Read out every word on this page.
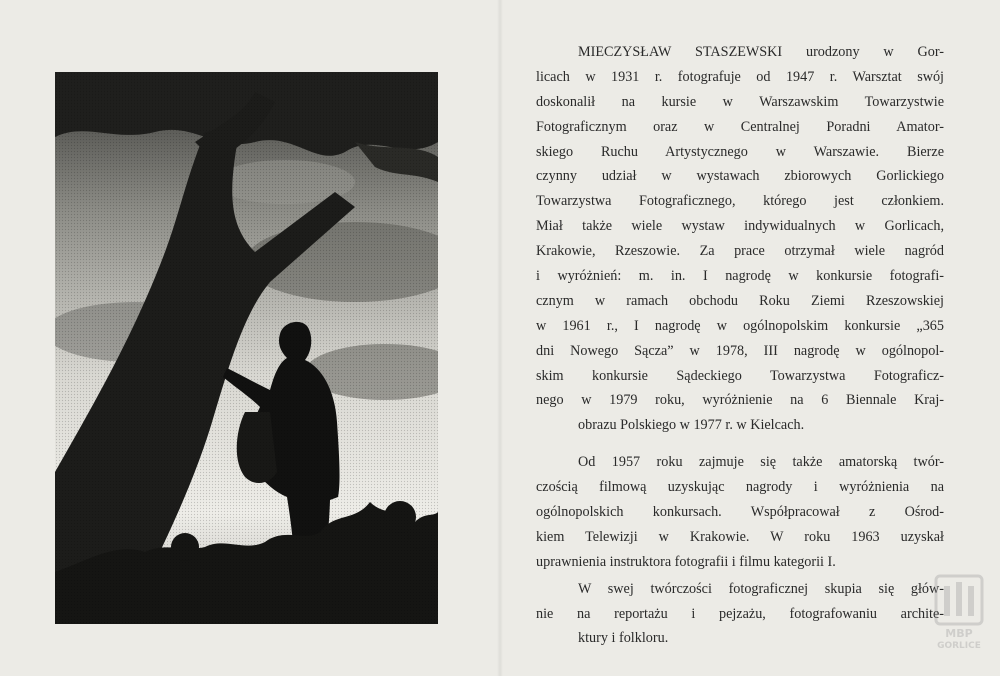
MIECZYSŁAW STASZEWSKI urodzony w Gor-
licach w 1931 r. fotografuje od 1947 r. Warsztat swój
doskonalił na kursie w Warszawskim Towarzystwie
Fotograficznym oraz w Centralnej Poradni Amator-
skiego Ruchu Artystycznego w Warszawie. Bierze
czynny udział w wystawach zbiorowych Gorlickiego
Towarzystwa Fotograficznego, którego jest członkiem.
Miał także wiele wystaw indywidualnych w Gorlicach,
Krakowie, Rzeszowie. Za prace otrzymał wiele nagród
i wyróżnień: m. in. I nagrodę w konkursie fotografi-
cznym w ramach obchodu Roku Ziemi Rzeszowskiej
w 1961 r., I nagrodę w ogólnopolskim konkursie „365
dni Nowego Sącza” w 1978, III nagrodę w ogólnopol-
skim konkursie Sądeckiego Towarzystwa Fotograficz-
nego w 1979 roku, wyróżnienie na 6 Biennale Kraj-
obrazu Polskiego w 1977 r. w Kielcach.
Od 1957 roku zajmuje się także amatorską twór-
czością filmową uzyskując nagrody i wyróżnienia na
ogólnopolskich konkursach. Współpracował z Ośrod-
kiem Telewizji w Krakowie. W roku 1963 uzyskał
uprawnienia instruktora fotografii i filmu kategorii I.
W swej twórczości fotograficznej skupia się głów-
nie na reportażu i pejzażu, fotografowaniu archite-
ktury i folkloru.	MBP
GORLICE
